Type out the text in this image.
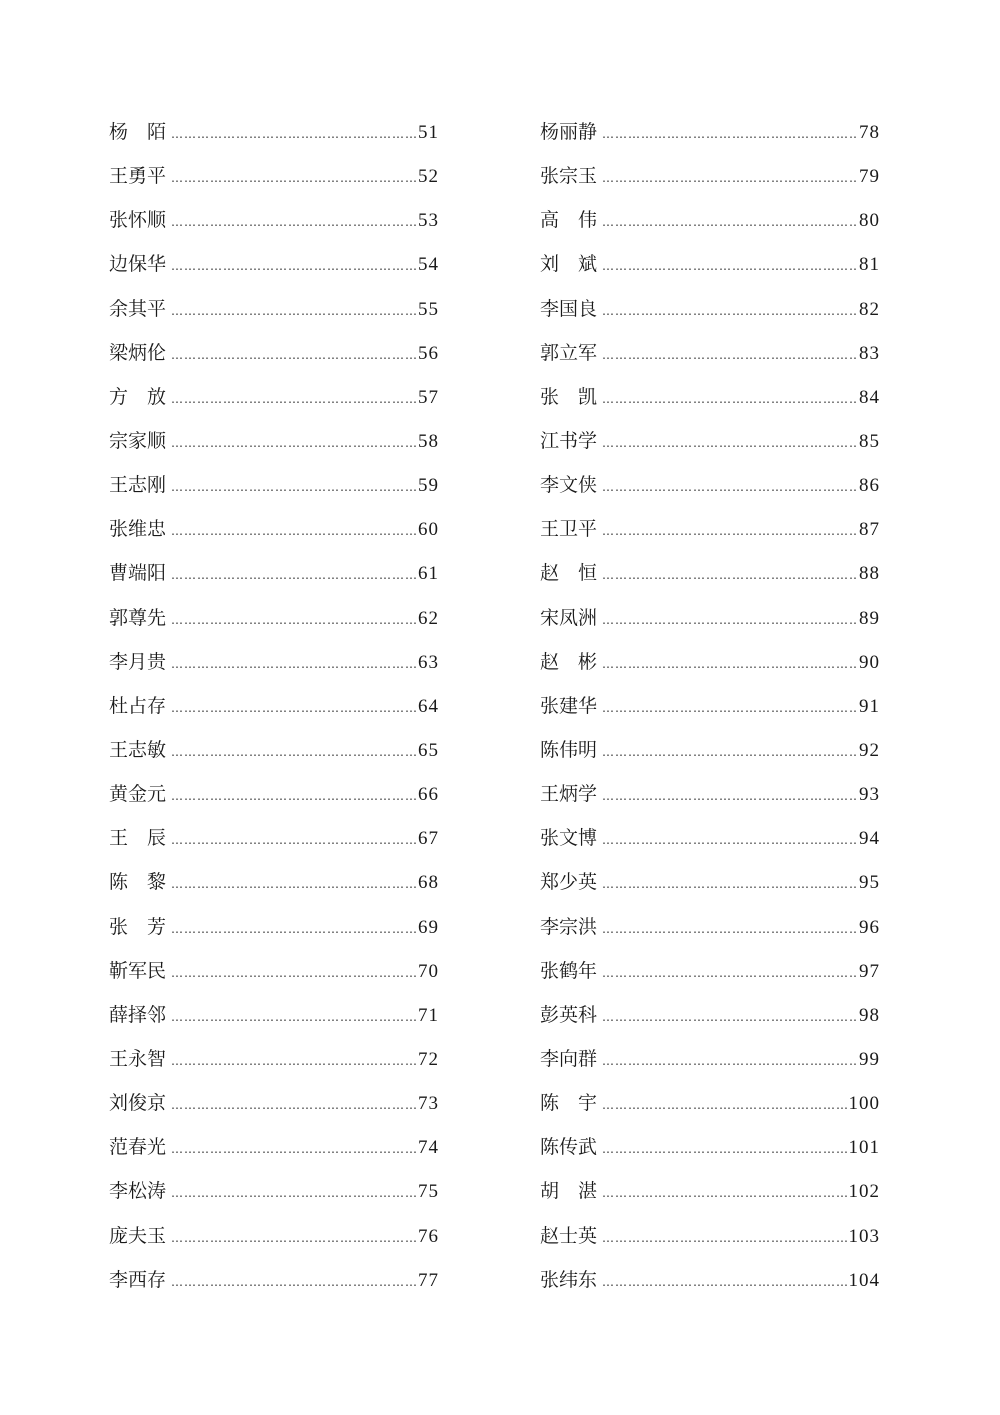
杨　陌 ……………………………………………………………………………………………	51
王勇平 ……………………………………………………………………………………………	52
张怀顺 ……………………………………………………………………………………………	53
边保华 ……………………………………………………………………………………………	54
余其平 ……………………………………………………………………………………………	55
梁炳伦 ……………………………………………………………………………………………	56
方　放 ……………………………………………………………………………………………	57
宗家顺 ……………………………………………………………………………………………	58
王志刚 ……………………………………………………………………………………………	59
张维忠 ……………………………………………………………………………………………	60
曹端阳 ……………………………………………………………………………………………	61
郭尊先 ……………………………………………………………………………………………	62
李月贵 ……………………………………………………………………………………………	63
杜占存 ……………………………………………………………………………………………	64
王志敏 ……………………………………………………………………………………………	65
黄金元 ……………………………………………………………………………………………	66
王　辰 ……………………………………………………………………………………………	67
陈　黎 ……………………………………………………………………………………………	68
张　芳 ……………………………………………………………………………………………	69
靳军民 ……………………………………………………………………………………………	70
薛择邻 ……………………………………………………………………………………………	71
王永智 ……………………………………………………………………………………………	72
刘俊京 ……………………………………………………………………………………………	73
范春光 ……………………………………………………………………………………………	74
李松涛 ……………………………………………………………………………………………	75
庞夫玉 ……………………………………………………………………………………………	76
李西存 ……………………………………………………………………………………………	77
杨丽静 ……………………………………………………………………………………………	78
张宗玉 ……………………………………………………………………………………………	79
高　伟 ……………………………………………………………………………………………	80
刘　斌 ……………………………………………………………………………………………	81
李国良 ……………………………………………………………………………………………	82
郭立军 ……………………………………………………………………………………………	83
张　凯 ……………………………………………………………………………………………	84
江书学 ……………………………………………………………………………………………	85
李文侠 ……………………………………………………………………………………………	86
王卫平 ……………………………………………………………………………………………	87
赵　恒 ……………………………………………………………………………………………	88
宋凤洲 ……………………………………………………………………………………………	89
赵　彬 ……………………………………………………………………………………………	90
张建华 ……………………………………………………………………………………………	91
陈伟明 ……………………………………………………………………………………………	92
王炳学 ……………………………………………………………………………………………	93
张文博 ……………………………………………………………………………………………	94
郑少英 ……………………………………………………………………………………………	95
李宗洪 ……………………………………………………………………………………………	96
张鹤年 ……………………………………………………………………………………………	97
彭英科 ……………………………………………………………………………………………	98
李向群 ……………………………………………………………………………………………	99
陈　宇 ……………………………………………………………………………………………	100
陈传武 ……………………………………………………………………………………………	101
胡　湛 ……………………………………………………………………………………………	102
赵士英 ……………………………………………………………………………………………	103
张纬东 ……………………………………………………………………………………………	104
